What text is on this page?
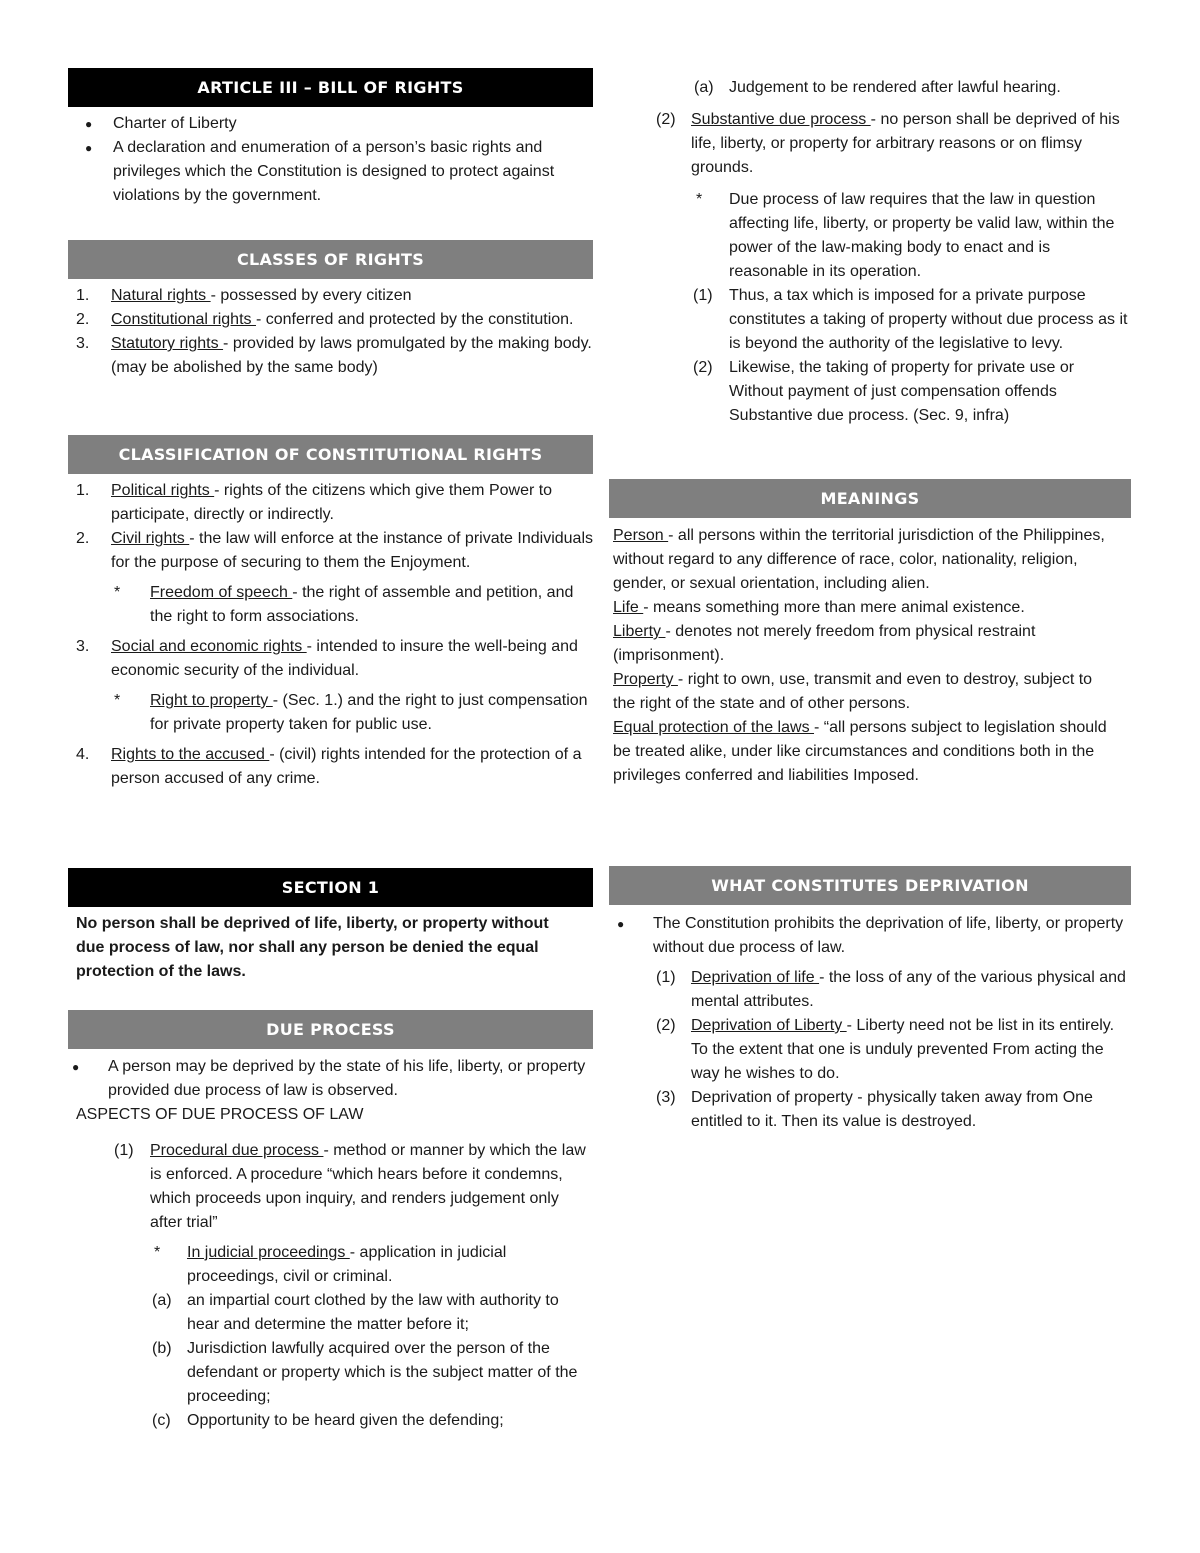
ARTICLE III – BILL OF RIGHTS
● Charter of Liberty
● A declaration and enumeration of a person’s basic rights and privileges which the Constitution is designed to protect against violations by the government.
CLASSES OF RIGHTS
1. Natural rights - possessed by every citizen
2. Constitutional rights - conferred and protected by the constitution.
3. Statutory rights - provided by laws promulgated by the making body. (may be abolished by the same body)
CLASSIFICATION OF CONSTITUTIONAL RIGHTS
1. Political rights - rights of the citizens which give them Power to participate, directly or indirectly.
2. Civil rights - the law will enforce at the instance of private Individuals for the purpose of securing to them the Enjoyment.
* Freedom of speech - the right of assemble and petition, and the right to form associations.
3. Social and economic rights - intended to insure the well-being and economic security of the individual.
* Right to property - (Sec. 1.) and the right to just compensation for private property taken for public use.
4. Rights to the accused - (civil) rights intended for the protection of a person accused of any crime.
SECTION 1
No person shall be deprived of life, liberty, or property without due process of law, nor shall any person be denied the equal protection of the laws.
DUE PROCESS
● A person may be deprived by the state of his life, liberty, or property provided due process of law is observed.
ASPECTS OF DUE PROCESS OF LAW
(1) Procedural due process - method or manner by which the law is enforced. A procedure “which hears before it condemns, which proceeds upon inquiry, and renders judgement only after trial”
* In judicial proceedings - application in judicial proceedings, civil or criminal.
(a) an impartial court clothed by the law with authority to hear and determine the matter before it;
(b) Jurisdiction lawfully acquired over the person of the defendant or property which is the subject matter of the proceeding;
(c) Opportunity to be heard given the defending;
(a) Judgement to be rendered after lawful hearing.
(2) Substantive due process - no person shall be deprived of his life, liberty, or property for arbitrary reasons or on flimsy grounds.
* Due process of law requires that the law in question affecting life, liberty, or property be valid law, within the power of the law-making body to enact and is reasonable in its operation.
(1) Thus, a tax which is imposed for a private purpose constitutes a taking of property without due process as it is beyond the authority of the legislative to levy.
(2) Likewise, the taking of property for private use or Without payment of just compensation offends Substantive due process. (Sec. 9, infra)
MEANINGS
Person - all persons within the territorial jurisdiction of the Philippines, without regard to any difference of race, color, nationality, religion, gender, or sexual orientation, including alien.
Life - means something more than mere animal existence.
Liberty - denotes not merely freedom from physical restraint (imprisonment).
Property - right to own, use, transmit and even to destroy, subject to the right of the state and of other persons.
Equal protection of the laws - “all persons subject to legislation should be treated alike, under like circumstances and conditions both in the privileges conferred and liabilities Imposed.
WHAT CONSTITUTES DEPRIVATION
● The Constitution prohibits the deprivation of life, liberty, or property without due process of law.
(1) Deprivation of life - the loss of any of the various physical and mental attributes.
(2) Deprivation of Liberty - Liberty need not be list in its entirely. To the extent that one is unduly prevented From acting the way he wishes to do.
(3) Deprivation of property - physically taken away from One entitled to it. Then its value is destroyed.
